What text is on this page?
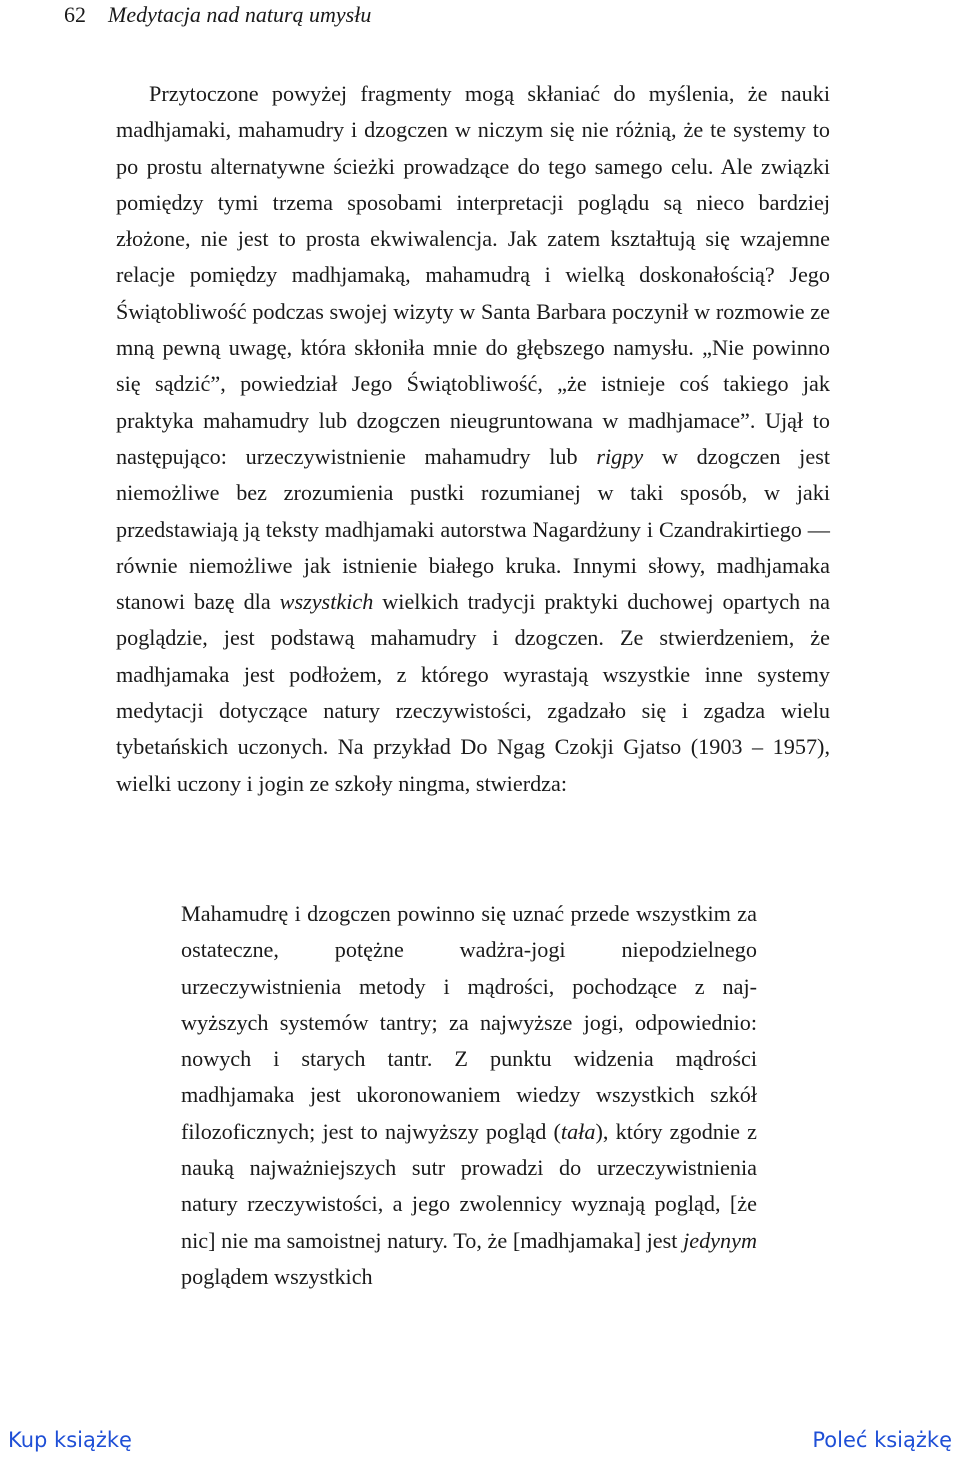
62 Medytacja nad naturą umysłu

Przytoczone powyżej fragmenty mogą skłaniać do myślenia, że nauki madhjamaki, mahamudry i dzogczen w niczym się nie różnią, że te systemy to po prostu alternatywne ścieżki prowadzące do tego samego celu. Ale związki pomiędzy tymi trzema sposobami interpretacji poglądu są nieco bardziej złożone, nie jest to prosta ekwiwalencja. Jak zatem kształtują się wzajemne relacje pomiędzy madhjamaką, mahamudrą i wielką doskonałością? Jego Świątobliwość podczas swojej wizyty w Santa Barbara poczynił w rozmowie ze mną pewną uwagę, która skłoniła mnie do głębszego namysłu. „Nie powinno się sądzić”, powiedział Jego Świątobliwość, „że istnieje coś takiego jak praktyka mahamudry lub dzogczen nieugruntowana w madhjamace”. Ujął to następująco: urzeczywistnienie mahamudry lub rigpy w dzogczen jest niemożliwe bez zrozumienia pustki rozumianej w taki sposób, w jaki przedstawiają ją teksty madhjamaki autorstwa Nagardżuny i Czandrakirtiego — równie niemożliwe jak istnienie białego kruka. Innymi słowy, madhjamaka stanowi bazę dla wszystkich wielkich tradycji praktyki duchowej opartych na poglądzie, jest podstawą mahamudry i dzogczen. Ze stwierdzeniem, że madhjamaka jest podłożem, z którego wyrastają wszystkie inne systemy medytacji dotyczące natury rzeczywistości, zgadzało się i zgadza wielu tybetańskich uczonych. Na przykład Do Ngag Czokji Gjatso (1903 – 1957), wielki uczony i jogin ze szkoły ningma, stwierdza:

Mahamudrę i dzogczen powinno się uznać przede wszystkim za ostateczne, potężne wadżra-jogi niepodzielnego urzeczywistnienia metody i mądrości, pochodzące z najwyższych systemów tantry; za najwyższe jogi, odpowiednio: nowych i starych tantr. Z punktu widzenia mądrości madhjamaka jest ukoronowaniem wiedzy wszystkich szkół filozoficznych; jest to najwyższy pogląd (tała), który zgodnie z nauką najważniejszych sutr prowadzi do urzeczywistnienia natury rzeczywistości, a jego zwolennicy wyznają pogląd, [że nic] nie ma samoistnej natury. To, że [madhjamaka] jest jedynym poglądem wszystkich

Kup książkę	Poleć książkę
